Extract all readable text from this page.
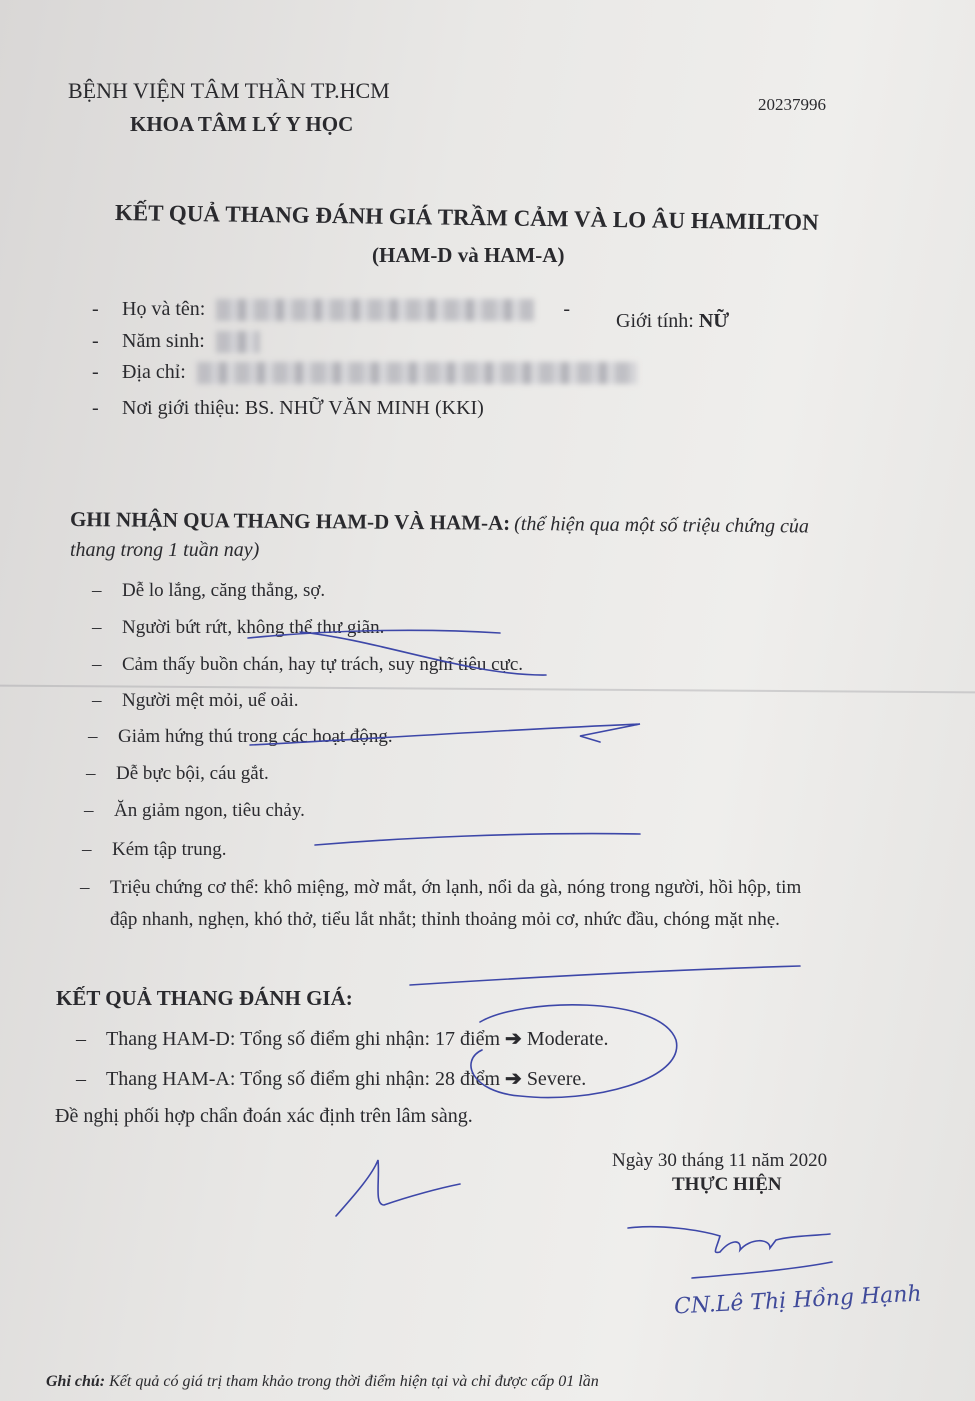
BỆNH VIỆN TÂM THẦN TP.HCM
KHOA TÂM LÝ Y HỌC
20237996
KẾT QUẢ THANG ĐÁNH GIÁ TRẦM CẢM VÀ LO ÂU HAMILTON
(HAM-D và HAM-A)
- Họ và tên:	-
Giới tính: NỮ
- Năm sinh:
- Địa chỉ:
- Nơi giới thiệu: BS. NHỮ VĂN MINH (KKI)
GHI NHẬN QUA THANG HAM-D VÀ HAM-A: (thể hiện qua một số triệu chứng của
thang trong 1 tuần nay)
– Dễ lo lắng, căng thẳng, sợ.
– Người bứt rứt, không thể thư giãn.
– Cảm thấy buồn chán, hay tự trách, suy nghĩ tiêu cực.
– Người mệt mỏi, uể oải.
– Giảm hứng thú trong các hoạt động.
– Dễ bực bội, cáu gắt.
– Ăn giảm ngon, tiêu chảy.
– Kém tập trung.
– Triệu chứng cơ thể: khô miệng, mờ mắt, ớn lạnh, nổi da gà, nóng trong người, hồi hộp, tim
đập nhanh, nghẹn, khó thở, tiểu lắt nhắt; thỉnh thoảng mỏi cơ, nhức đầu, chóng mặt nhẹ.
KẾT QUẢ THANG ĐÁNH GIÁ:
– Thang HAM-D: Tổng số điểm ghi nhận: 17 điểm ➔ Moderate.
– Thang HAM-A: Tổng số điểm ghi nhận: 28 điểm ➔ Severe.
Đề nghị phối hợp chẩn đoán xác định trên lâm sàng.
Ngày 30 tháng 11 năm 2020
THỰC HIỆN
CN.Lê Thị Hồng Hạnh
Ghi chú: Kết quả có giá trị tham khảo trong thời điểm hiện tại và chỉ được cấp 01 lần
